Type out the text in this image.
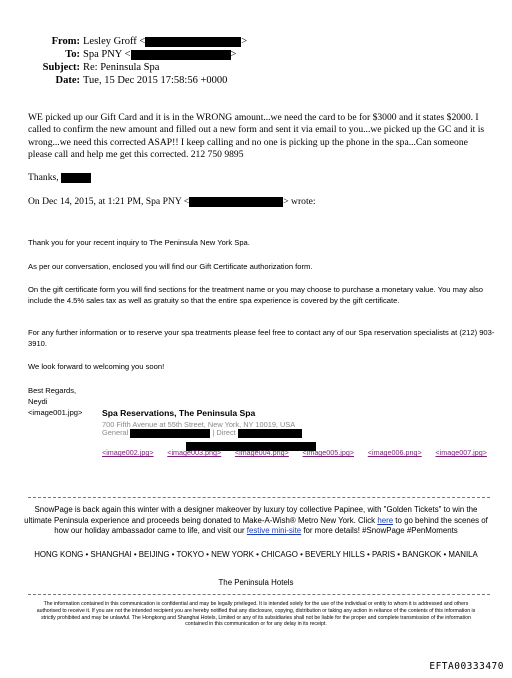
From: Lesley Groff <	>
To: Spa PNY <	>
Subject: Re: Peninsula Spa
Date: Tue, 15 Dec 2015 17:58:56 +0000
WE picked up our Gift Card and it is in the WRONG amount...we need the card to be for $3000 and it states $2000. I called to confirm the new amount and filled out a new form and sent it via email to you...we picked up the GC and it is wrong...we need this corrected ASAP!! I keep calling and no one is picking up the phone in the spa...Can someone please call and help me get this corrected. 212 750 9895
Thanks,
On Dec 14, 2015, at 1:21 PM, Spa PNY <	> wrote:
Thank you for your recent inquiry to The Peninsula New York Spa.
As per our conversation, enclosed you will find our Gift Certificate authorization form.
On the gift certificate form you will find sections for the treatment name or you may choose to purchase a monetary value. You may also include the 4.5% sales tax as well as gratuity so that the entire spa experience is covered by the gift certificate.
For any further information or to reserve your spa treatments please feel free to contact any of our Spa reservation specialists at (212) 903-3910.
We look forward to welcoming you soon!
Best Regards,
Neydi
<image001.jpg>	Spa Reservations, The Peninsula Spa
700 Fifth Avenue at 55th Street, New York, NY 10019, USA
General	| Direct
<image002.jpg> <image003.png> <image004.png> <image005.jpg> <image006.png> <image007.jpg>
SnowPage is back again this winter with a designer makeover by luxury toy collective Papinee, with "Golden Tickets" to win the ultimate Peninsula experience and proceeds being donated to Make-A-Wish® Metro New York. Click here to go behind the scenes of how our holiday ambassador came to life, and visit our festive mini-site for more details! #SnowPage #PenMoments
HONG KONG • SHANGHAI • BEIJING • TOKYO • NEW YORK • CHICAGO • BEVERLY HILLS • PARIS • BANGKOK • MANILA
The Peninsula Hotels
The information contained in this communication is confidential and may be legally privileged. It is intended solely for the use of the individual or entity to whom it is addressed and others authorised to receive it. If you are not the intended recipient you are hereby notified that any disclosure, copying, distribution or taking any action in reliance of the contents of this information is strictly prohibited and may be unlawful. The Hongkong and Shanghai Hotels, Limited or any of its subsidiaries shall not be liable for the proper and complete transmission of the information contained in this communication or for any delay in its receipt.
EFTA00333470
